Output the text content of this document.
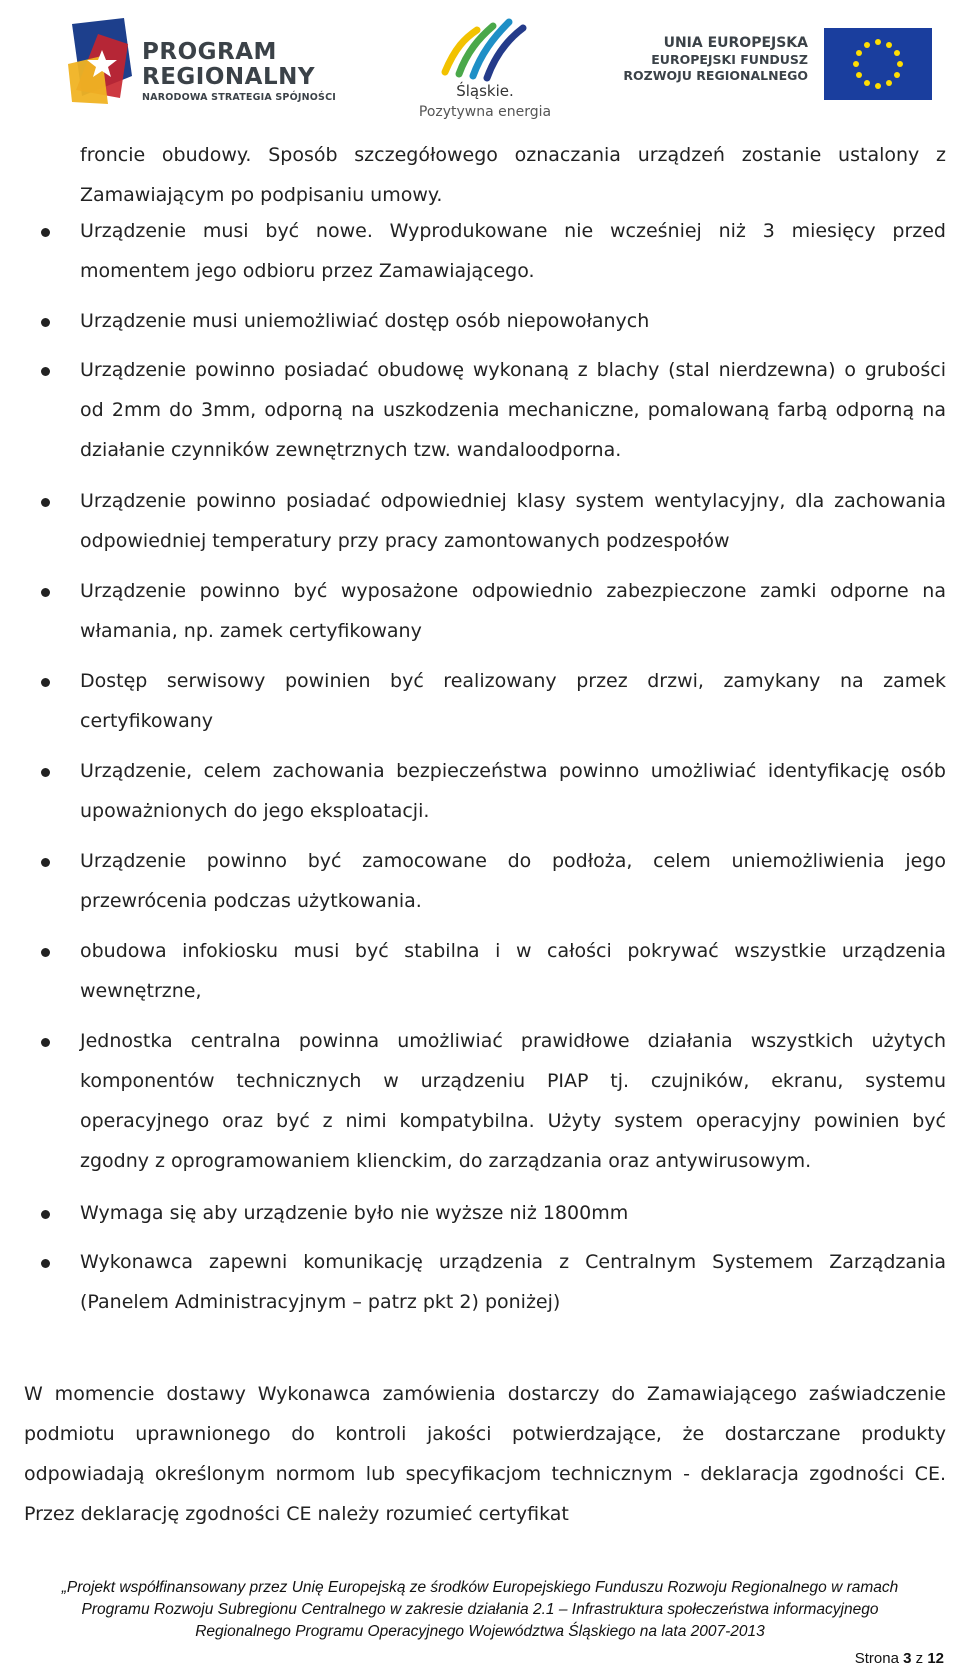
PROGRAM
REGIONALNY
NARODOWA STRATEGIA SPÓJNOŚCI	Śląskie.
Pozytywna energia
UNIA EUROPEJSKA
EUROPEJSKI FUNDUSZ
ROZWOJU REGIONALNEGO
froncie obudowy. Sposób szczegółowego oznaczania urządzeń zostanie ustalony z Zamawiającym po podpisaniu umowy.
Urządzenie musi być nowe. Wyprodukowane nie wcześniej niż 3 miesięcy przed momentem jego odbioru przez Zamawiającego.
Urządzenie musi uniemożliwiać dostęp osób niepowołanych
Urządzenie powinno posiadać obudowę wykonaną z blachy (stal nierdzewna) o grubości od 2mm do 3mm, odporną na uszkodzenia mechaniczne, pomalowaną farbą odporną na działanie czynników zewnętrznych tzw. wandaloodporna.
Urządzenie powinno posiadać odpowiedniej klasy system wentylacyjny, dla zachowania odpowiedniej temperatury przy pracy zamontowanych podzespołów
Urządzenie powinno być wyposażone odpowiednio zabezpieczone zamki odporne na włamania, np. zamek certyfikowany
Dostęp serwisowy powinien być realizowany przez drzwi, zamykany na zamek certyfikowany
Urządzenie, celem zachowania bezpieczeństwa powinno umożliwiać identyfikację osób upoważnionych do jego eksploatacji.
Urządzenie powinno być zamocowane do podłoża, celem uniemożliwienia jego przewrócenia podczas użytkowania.
obudowa infokiosku musi być stabilna i w całości pokrywać wszystkie urządzenia wewnętrzne,
Jednostka centralna powinna umożliwiać prawidłowe działania wszystkich użytych komponentów technicznych w urządzeniu PIAP tj. czujników, ekranu, systemu operacyjnego oraz być z nimi kompatybilna. Użyty system operacyjny powinien być zgodny z oprogramowaniem klienckim, do zarządzania oraz antywirusowym.
Wymaga się aby urządzenie było nie wyższe niż 1800mm
Wykonawca zapewni komunikację urządzenia z Centralnym Systemem Zarządzania (Panelem Administracyjnym – patrz pkt 2) poniżej)
W momencie dostawy Wykonawca zamówienia dostarczy do Zamawiającego zaświadczenie podmiotu uprawnionego do kontroli jakości potwierdzające, że dostarczane produkty odpowiadają określonym normom lub specyfikacjom technicznym - deklaracja zgodności CE. Przez deklarację zgodności CE należy rozumieć certyfikat
„Projekt współfinansowany przez Unię Europejską ze środków Europejskiego Funduszu Rozwoju Regionalnego w ramach
Programu Rozwoju Subregionu Centralnego w zakresie działania 2.1 – Infrastruktura społeczeństwa informacyjnego
Regionalnego Programu Operacyjnego Województwa Śląskiego na lata 2007-2013
Strona 3 z 12
